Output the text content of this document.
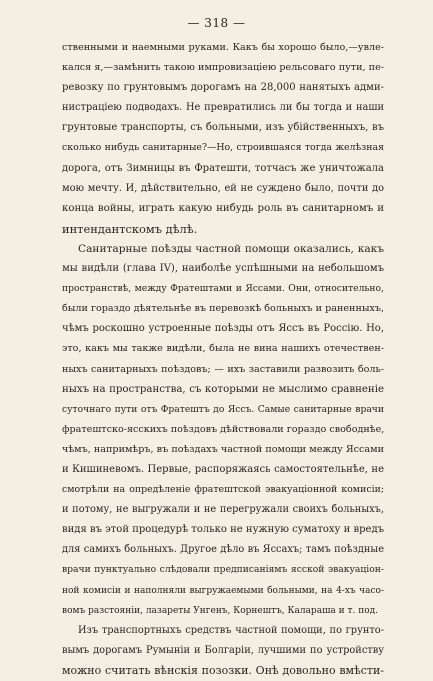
— 318 —
ственными и наемными руками. Какъ бы хорошо было,—увле-
кался я,—замѣнить такою импровизацiею рельсоваго пути, пе-
ревозку по грунтовымъ дорогамъ на 28,000 нанятыхъ адми-
нистрацiею подводахъ. Не превратились ли бы тогда и наши
грунтовые транспорты, съ больными, изъ убiйственныхъ, въ
сколько нибудь санитарные?—Но, строившаяся тогда желѣзная
дорога, отъ Зимницы въ Фратешти, тотчасъ же уничтожала
мою мечту. И, дѣйствительно, ей не суждено было, почти до
конца войны, играть какую нибудь роль въ санитарномъ и
интендантскомъ дѣлѣ.
Санитарные поѣзды частной помощи оказались, какъ
мы видѣли (глава IV), наиболѣе успѣшными на небольшомъ
пространствѣ, между Фратештами и Яссами. Они, относительно,
были гораздо дѣятельнѣе въ перевозкѣ больныхъ и раненныхъ,
чѣмъ роскошно устроенные поѣзды отъ Яссъ въ Россiю. Но,
это, какъ мы также видѣли, была не вина нашихъ отечествен-
ныхъ санитарныхъ поѣздовъ; — ихъ заставили развозить боль-
ныхъ на пространства, съ которыми не мыслимо сравненiе
суточнаго пути отъ Фратештъ до Яссъ. Самые санитарные врачи
фратештско-ясскихъ поѣздовъ дѣйствовали гораздо свободнѣе,
чѣмъ, напримѣръ, въ поѣздахъ частной помощи между Яссами
и Кишиневомъ. Первые, распоряжаясь самостоятельнѣе, не
смотрѣли на опредѣленiе фратештской эвакуацiонной комисiи;
и потому, не выгружали и не перегружали своихъ больныхъ,
видя въ этой процедурѣ только не нужную суматоху и вредъ
для самихъ больныхъ. Другое дѣло въ Яссахъ; тамъ поѣздные
врачи пунктуально слѣдовали предписанiямъ ясской эвакуацiон-
ной комисiи и наполняли выгружаемыми больными, на 4-хъ часо-
вомъ разстоянiи, лазареты Унгенъ, Корнештъ, Калараша и т. под.
Изъ транспортныхъ средствъ частной помощи, по грунто-
вымъ дорогамъ Румынiи и Болгарiи, лучшими по устройству
можно считать вѣнскiя позозки. Онѣ довольно вмѣсти-
